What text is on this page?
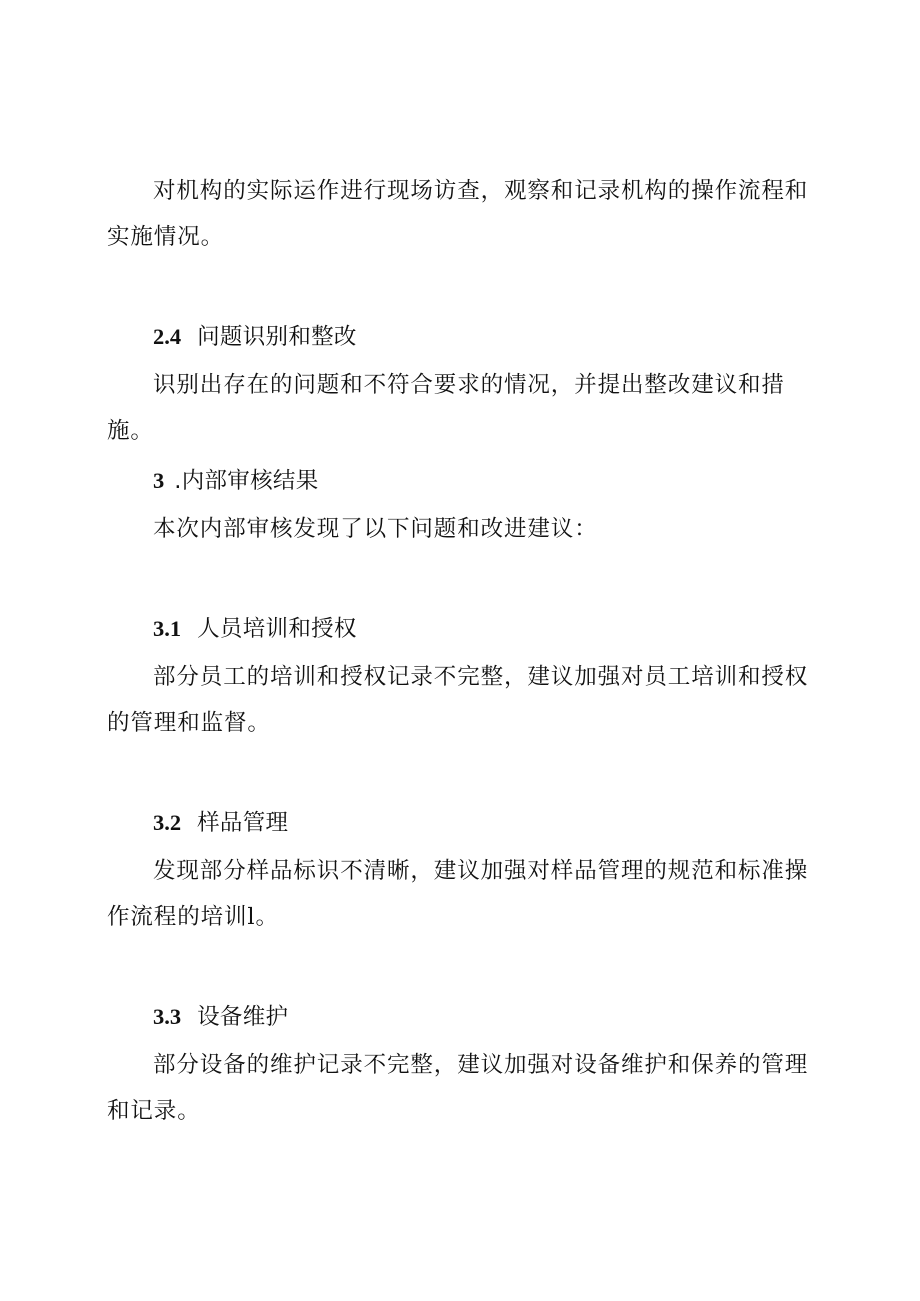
对机构的实际运作进行现场访查，观察和记录机构的操作流程和实施情况。

2.4 问题识别和整改

识别出存在的问题和不符合要求的情况，并提出整改建议和措施。

3 .内部审核结果

本次内部审核发现了以下问题和改进建议：

3.1 人员培训和授权

部分员工的培训和授权记录不完整，建议加强对员工培训和授权的管理和监督。

3.2 样品管理

发现部分样品标识不清晰，建议加强对样品管理的规范和标准操作流程的培训l。

3.3 设备维护

部分设备的维护记录不完整，建议加强对设备维护和保养的管理和记录。
